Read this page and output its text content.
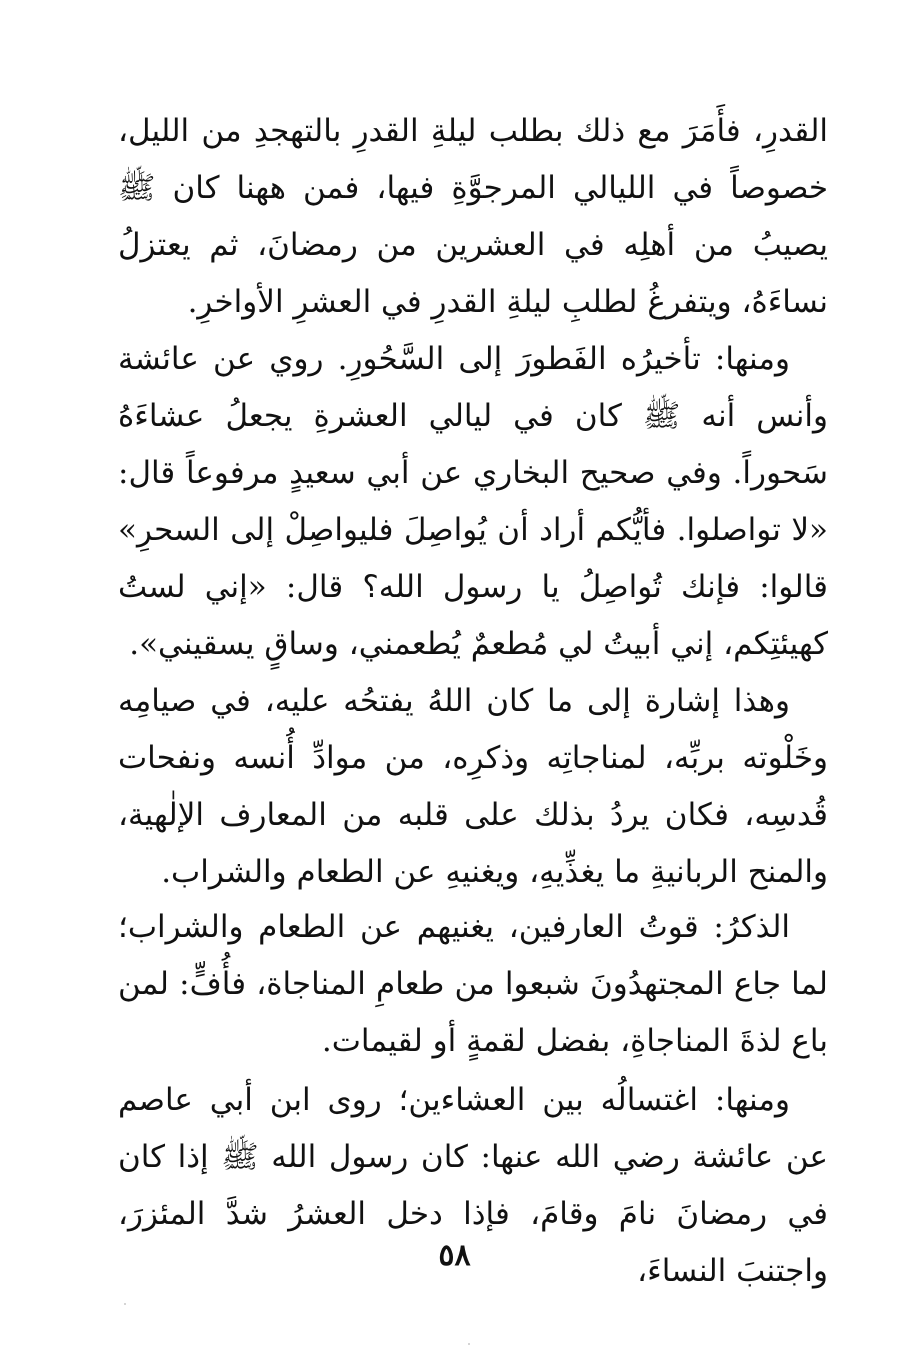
القدرِ، فأَمَرَ مع ذلك بطلب ليلةِ القدرِ بالتهجدِ من الليل، خصوصاً في الليالي المرجوَّةِ فيها، فمن ههنا كان ﷺ يصيبُ من أهلِه في العشرين من رمضانَ، ثم يعتزلُ نساءَهُ، ويتفرغُ لطلبِ ليلةِ القدرِ في العشرِ الأواخرِ.

ومنها: تأخيرُه الفَطورَ إلى السَّحُورِ. روي عن عائشة وأنس أنه ﷺ كان في ليالي العشرةِ يجعلُ عشاءَهُ سَحوراً. وفي صحيح البخاري عن أبي سعيدٍ مرفوعاً قال: «لا تواصلوا. فأيُّكم أراد أن يُواصِلَ فليواصِلْ إلى السحرِ» قالوا: فإنك تُواصِلُ يا رسول الله؟ قال: «إني لستُ كهيئتِكم، إني أبيتُ لي مُطعمٌ يُطعمني، وساقٍ يسقيني».

وهذا إشارة إلى ما كان اللهُ يفتحُه عليه، في صيامِه وخَلْوته بربِّه، لمناجاتِه وذكرِه، من موادِّ أُنسه ونفحات قُدسِه، فكان يردُ بذلك على قلبه من المعارف الإلٰهية، والمنح الربانيةِ ما يغذِّيهِ، ويغنيهِ عن الطعام والشراب.

الذكرُ: قوتُ العارفين، يغنيهم عن الطعام والشراب؛ لما جاع المجتهدُونَ شبعوا من طعامِ المناجاة، فأُفٍّ: لمن باع لذةَ المناجاةِ، بفضل لقمةٍ أو لقيمات.

ومنها: اغتسالُه بين العشاءين؛ روى ابن أبي عاصم عن عائشة رضي الله عنها: كان رسول الله ﷺ إذا كان في رمضانَ نامَ وقامَ، فإذا دخل العشرُ شدَّ المئزرَ، واجتنبَ النساءَ،

٥٨
